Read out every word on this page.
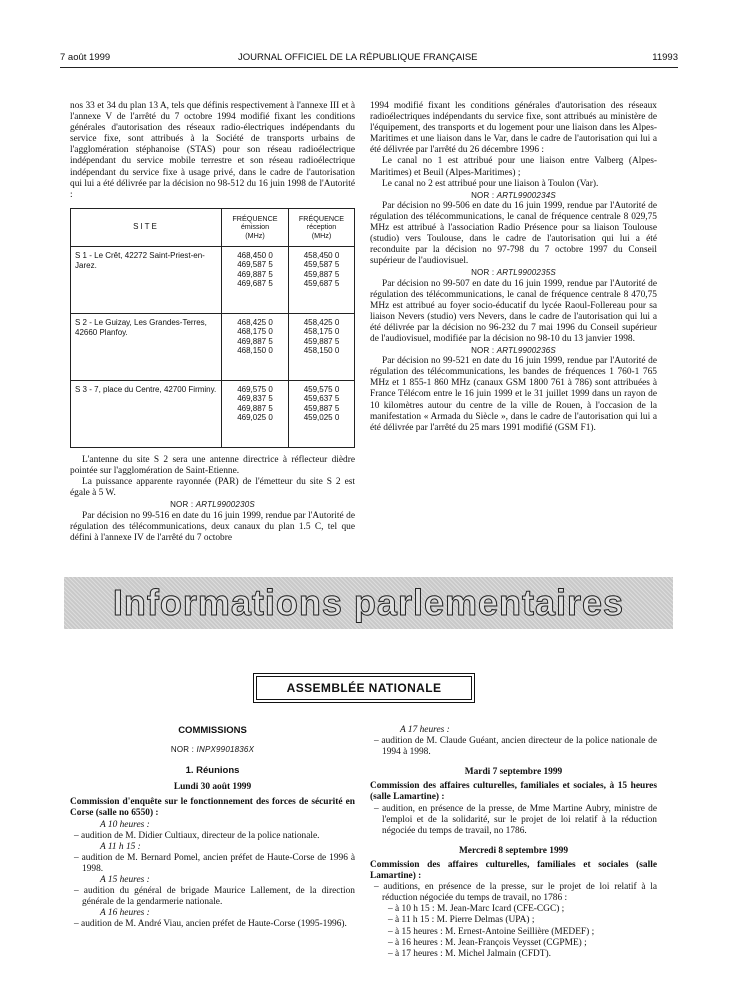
7 août 1999	JOURNAL OFFICIEL DE LA RÉPUBLIQUE FRANÇAISE	11993

nos 33 et 34 du plan 13 A, tels que définis respectivement à l'annexe III et à l'annexe V de l'arrêté du 7 octobre 1994 modifié fixant les conditions générales d'autorisation des réseaux radio-électriques indépendants du service fixe, sont attribués à la Société de transports urbains de l'agglomération stéphanoise (STAS) pour son réseau radioélectrique indépendant du service mobile terrestre et son réseau radioélectrique indépendant du service fixe à usage privé, dans le cadre de l'autorisation qui lui a été délivrée par la décision no 98-512 du 16 juin 1998 de l'Autorité :

SITE	FRÉQUENCE
émission
(MHz)	FRÉQUENCE
réception
(MHz)
S 1 - Le Crêt, 42272 Saint-Priest-en-Jarez.	468,450 0
469,587 5
469,887 5
469,687 5	458,450 0
459,587 5
459,887 5
459,687 5
S 2 - Le Guizay, Les Grandes-Terres, 42660 Planfoy.	468,425 0
468,175 0
469,887 5
468,150 0	458,425 0
458,175 0
459,887 5
458,150 0
S 3 - 7, place du Centre, 42700 Firminy.	469,575 0
469,837 5
469,887 5
469,025 0	459,575 0
459,637 5
459,887 5
459,025 0

L'antenne du site S 2 sera une antenne directrice à réflecteur dièdre pointée sur l'agglomération de Saint-Etienne.

La puissance apparente rayonnée (PAR) de l'émetteur du site S 2 est égale à 5 W.

NOR : ARTL9900230S

Par décision no 99-516 en date du 16 juin 1999, rendue par l'Autorité de régulation des télécommunications, deux canaux du plan 1.5 C, tel que défini à l'annexe IV de l'arrêté du 7 octobre

1994 modifié fixant les conditions générales d'autorisation des réseaux radioélectriques indépendants du service fixe, sont attribués au ministère de l'équipement, des transports et du logement pour une liaison dans les Alpes-Maritimes et une liaison dans le Var, dans le cadre de l'autorisation qui lui a été délivrée par l'arrêté du 26 décembre 1996 :

Le canal no 1 est attribué pour une liaison entre Valberg (Alpes-Maritimes) et Beuil (Alpes-Maritimes) ;

Le canal no 2 est attribué pour une liaison à Toulon (Var).

NOR : ARTL9900234S

Par décision no 99-506 en date du 16 juin 1999, rendue par l'Autorité de régulation des télécommunications, le canal de fréquence centrale 8 029,75 MHz est attribué à l'association Radio Présence pour sa liaison Toulouse (studio) vers Toulouse, dans le cadre de l'autorisation qui lui a été reconduite par la décision no 97-798 du 7 octobre 1997 du Conseil supérieur de l'audiovisuel.

NOR : ARTL9900235S

Par décision no 99-507 en date du 16 juin 1999, rendue par l'Autorité de régulation des télécommunications, le canal de fréquence centrale 8 470,75 MHz est attribué au foyer socio-éducatif du lycée Raoul-Follereau pour sa liaison Nevers (studio) vers Nevers, dans le cadre de l'autorisation qui lui a été délivrée par la décision no 96-232 du 7 mai 1996 du Conseil supérieur de l'audiovisuel, modifiée par la décision no 98-10 du 13 janvier 1998.

NOR : ARTL9900236S

Par décision no 99-521 en date du 16 juin 1999, rendue par l'Autorité de régulation des télécommunications, les bandes de fréquences 1 760-1 765 MHz et 1 855-1 860 MHz (canaux GSM 1800 761 à 786) sont attribuées à France Télécom entre le 16 juin 1999 et le 31 juillet 1999 dans un rayon de 10 kilomètres autour du centre de la ville de Rouen, à l'occasion de la manifestation « Armada du Siècle », dans le cadre de l'autorisation qui lui a été délivrée par l'arrêté du 25 mars 1991 modifié (GSM F1).

Informations parlementaires
ASSEMBLÉE NATIONALE

COMMISSIONS

NOR : INPX9901836X

1. Réunions

Lundi 30 août 1999

Commission d'enquête sur le fonctionnement des forces de sécurité en Corse (salle no 6550) :

A 10 heures :

– audition de M. Didier Cultiaux, directeur de la police nationale.

A 11 h 15 :

– audition de M. Bernard Pomel, ancien préfet de Haute-Corse de 1996 à 1998.

A 15 heures :

– audition du général de brigade Maurice Lallement, de la direction générale de la gendarmerie nationale.

A 16 heures :

– audition de M. André Viau, ancien préfet de Haute-Corse (1995-1996).

A 17 heures :

– audition de M. Claude Guéant, ancien directeur de la police nationale de 1994 à 1998.

Mardi 7 septembre 1999

Commission des affaires culturelles, familiales et sociales, à 15 heures (salle Lamartine) :

– audition, en présence de la presse, de Mme Martine Aubry, ministre de l'emploi et de la solidarité, sur le projet de loi relatif à la réduction négociée du temps de travail, no 1786.

Mercredi 8 septembre 1999

Commission des affaires culturelles, familiales et sociales (salle Lamartine) :

– auditions, en présence de la presse, sur le projet de loi relatif à la réduction négociée du temps de travail, no 1786 :

– à 10 h 15 : M. Jean-Marc Icard (CFE-CGC) ;

– à 11 h 15 : M. Pierre Delmas (UPA) ;

– à 15 heures : M. Ernest-Antoine Seillière (MEDEF) ;

– à 16 heures : M. Jean-François Veysset (CGPME) ;

– à 17 heures : M. Michel Jalmain (CFDT).
